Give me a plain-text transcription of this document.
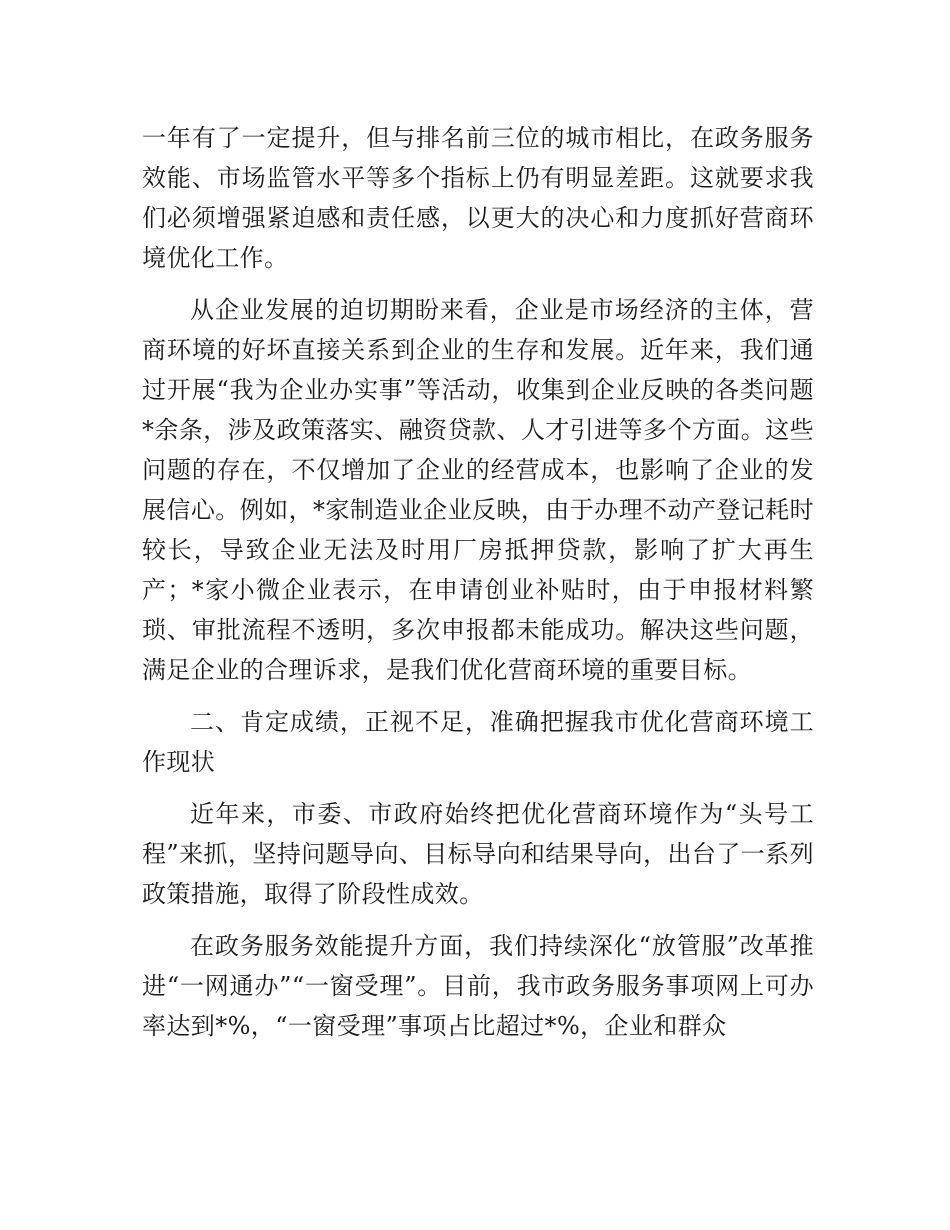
一年有了一定提升，但与排名前三位的城市相比，在政务服务效能、市场监管水平等多个指标上仍有明显差距。这就要求我们必须增强紧迫感和责任感，以更大的决心和力度抓好营商环境优化工作。

从企业发展的迫切期盼来看，企业是市场经济的主体，营商环境的好坏直接关系到企业的生存和发展。近年来，我们通过开展“我为企业办实事”等活动，收集到企业反映的各类问题*余条，涉及政策落实、融资贷款、人才引进等多个方面。这些问题的存在，不仅增加了企业的经营成本，也影响了企业的发展信心。例如，*家制造业企业反映，由于办理不动产登记耗时较长，导致企业无法及时用厂房抵押贷款，影响了扩大再生产；*家小微企业表示，在申请创业补贴时，由于申报材料繁琐、审批流程不透明，多次申报都未能成功。解决这些问题，满足企业的合理诉求，是我们优化营商环境的重要目标。

二、肯定成绩，正视不足，准确把握我市优化营商环境工作现状

近年来，市委、市政府始终把优化营商环境作为“头号工程”来抓，坚持问题导向、目标导向和结果导向，出台了一系列政策措施，取得了阶段性成效。

在政务服务效能提升方面，我们持续深化“放管服”改革推进“一网通办”“一窗受理”。目前，我市政务服务事项网上可办率达到*%，“一窗受理”事项占比超过*%，企业和群众
